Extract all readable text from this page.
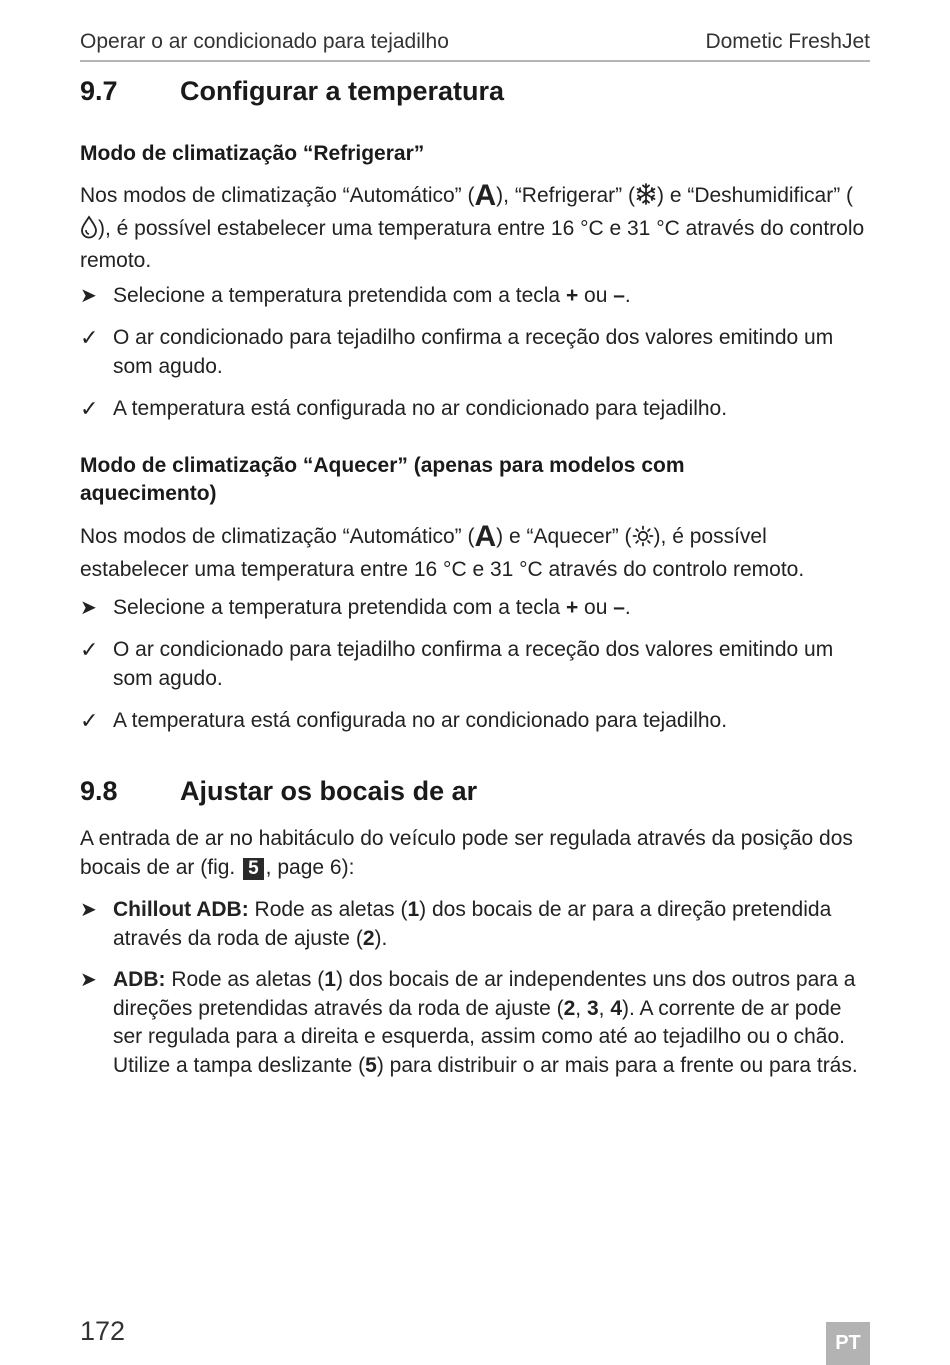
Operar o ar condicionado para tejadilho	Dometic FreshJet
9.7 Configurar a temperatura
Modo de climatização “Refrigerar”
Nos modos de climatização “Automático” (A), “Refrigerar” ( ) e “Deshumidificar” (), é possível estabelecer uma temperatura entre 16 °C e 31 °C através do controlo remoto.
➤ Selecione a temperatura pretendida com a tecla + ou –.
✓ O ar condicionado para tejadilho confirma a receção dos valores emitindo um som agudo.
✓ A temperatura está configurada no ar condicionado para tejadilho.
Modo de climatização “Aquecer” (apenas para modelos com aquecimento)
Nos modos de climatização “Automático” (A) e “Aquecer” ( ), é possível estabelecer uma temperatura entre 16 °C e 31 °C através do controlo remoto.
➤ Selecione a temperatura pretendida com a tecla + ou –.
✓ O ar condicionado para tejadilho confirma a receção dos valores emitindo um som agudo.
✓ A temperatura está configurada no ar condicionado para tejadilho.
9.8 Ajustar os bocais de ar
A entrada de ar no habitáculo do veículo pode ser regulada através da posição dos bocais de ar (fig. 5 , page 6):
➤ Chillout ADB: Rode as aletas (1) dos bocais de ar para a direção pretendida através da roda de ajuste (2).
➤ ADB: Rode as aletas (1) dos bocais de ar independentes uns dos outros para a direções pretendidas através da roda de ajuste (2, 3, 4). A corrente de ar pode ser regulada para a direita e esquerda, assim como até ao tejadilho ou o chão. Utilize a tampa deslizante (5) para distribuir o ar mais para a frente ou para trás.
172	PT
